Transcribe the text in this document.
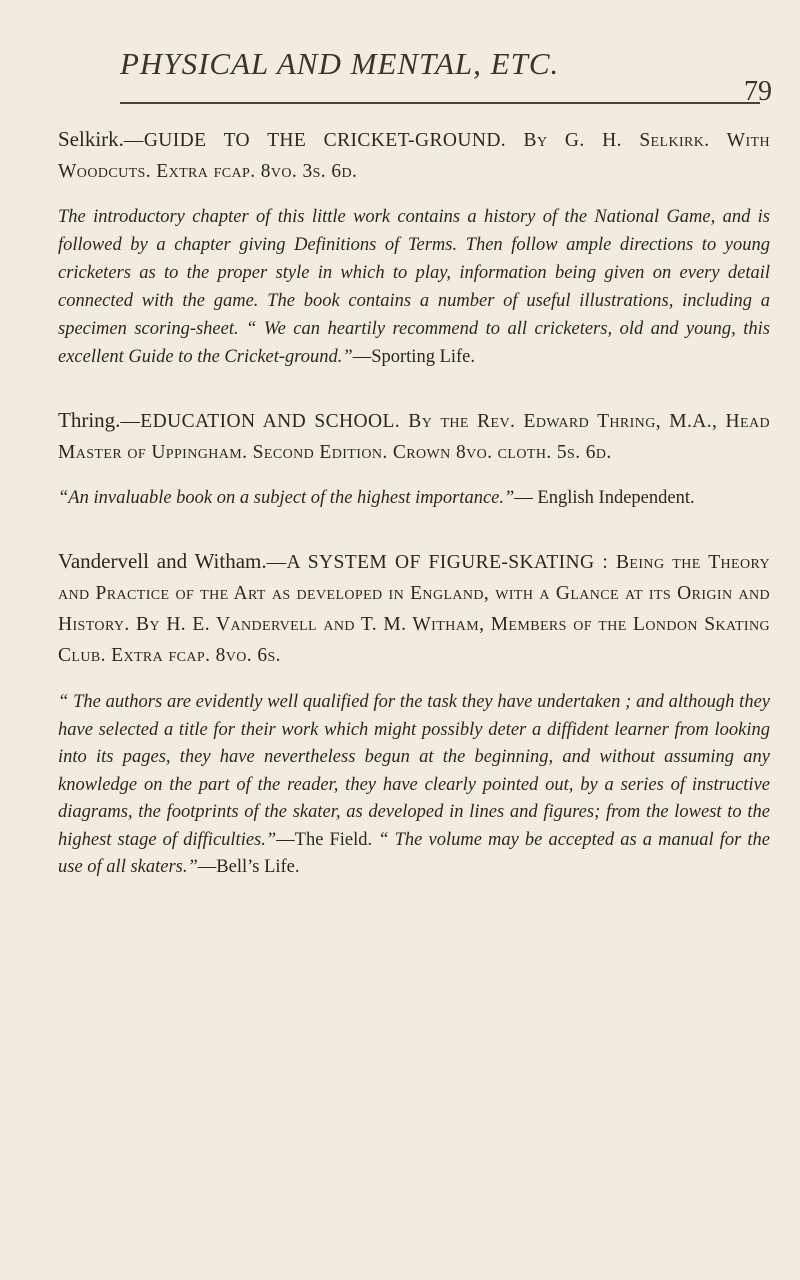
PHYSICAL AND MENTAL, ETC.
79

Selkirk.—GUIDE TO THE CRICKET-GROUND. By G. H. Selkirk. With Woodcuts. Extra fcap. 8vo. 3s. 6d.

The introductory chapter of this little work contains a history of the National Game, and is followed by a chapter giving Definitions of Terms. Then follow ample directions to young cricketers as to the proper style in which to play, information being given on every detail connected with the game. The book contains a number of useful illustrations, including a specimen scoring-sheet. “ We can heartily recommend to all cricketers, old and young, this excellent Guide to the Cricket-ground.”—Sporting Life.

Thring.—EDUCATION AND SCHOOL. By the Rev. Edward Thring, M.A., Head Master of Uppingham. Second Edition. Crown 8vo. cloth. 5s. 6d.

“An invaluable book on a subject of the highest importance.”— English Independent.

Vandervell and Witham.—A SYSTEM OF FIGURE-SKATING : Being the Theory and Practice of the Art as developed in England, with a Glance at its Origin and History. By H. E. Vandervell and T. M. Witham, Members of the London Skating Club. Extra fcap. 8vo. 6s.

“ The authors are evidently well qualified for the task they have undertaken ; and although they have selected a title for their work which might possibly deter a diffident learner from looking into its pages, they have nevertheless begun at the beginning, and without assuming any knowledge on the part of the reader, they have clearly pointed out, by a series of instructive diagrams, the footprints of the skater, as developed in lines and figures; from the lowest to the highest stage of difficulties.”—The Field. “ The volume may be accepted as a manual for the use of all skaters.”—Bell’s Life.
